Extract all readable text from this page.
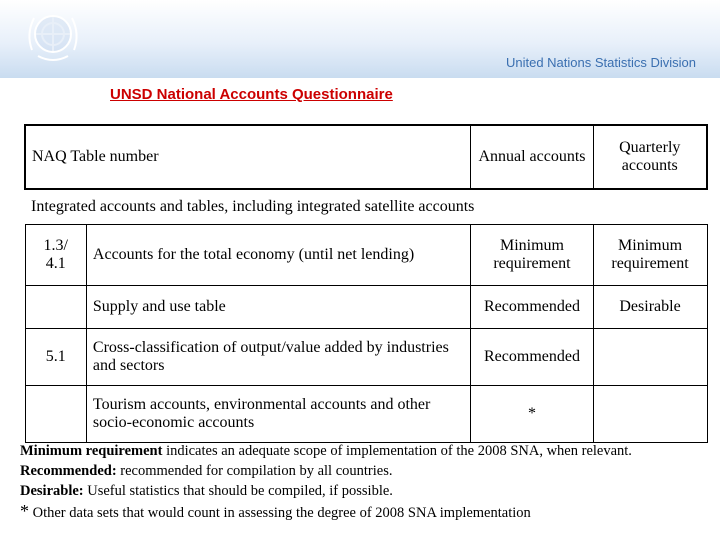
United Nations Statistics Division
UNSD National Accounts Questionnaire
NAQ Table number		Annual accounts	Quarterly accounts
Integrated accounts and tables, including integrated satellite accounts			
1.3/ 4.1	Accounts for the total economy (until net lending)	Minimum requirement	Minimum requirement
	Supply and use table	Recommended	Desirable
5.1	Cross-classification of output/value added by industries and sectors	Recommended	
	Tourism accounts, environmental accounts and other socio-economic accounts	*	
Minimum requirement indicates an adequate scope of implementation of the 2008 SNA, when relevant.
Recommended: recommended for compilation by all countries.
Desirable: Useful statistics that should be compiled, if possible.
* Other data sets that would count in assessing the degree of 2008 SNA implementation
